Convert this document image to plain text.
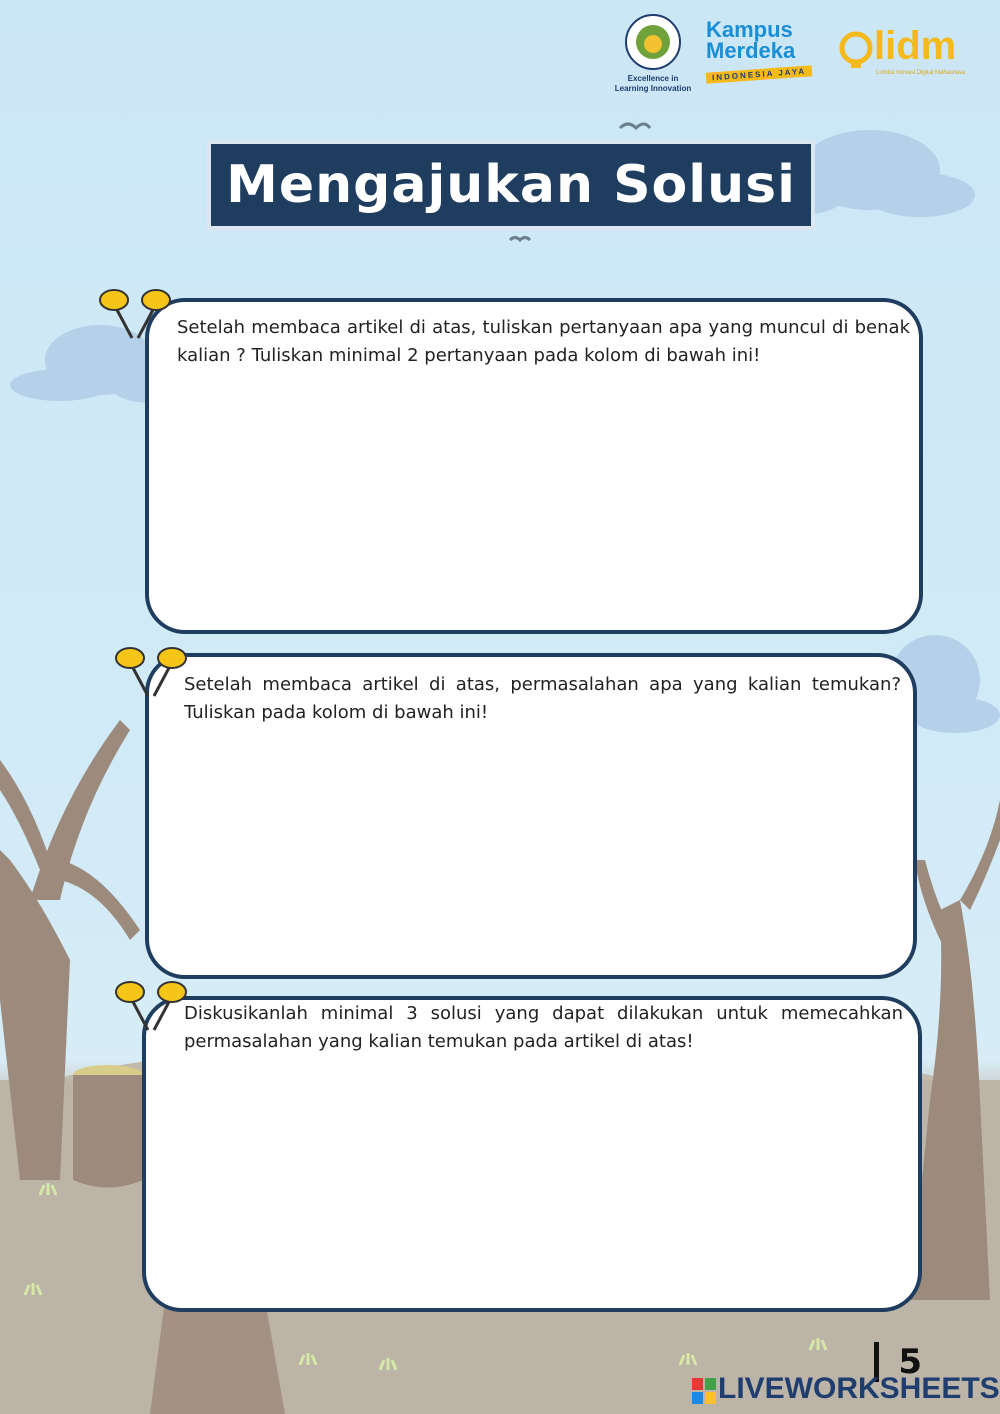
Excellence in
Learning Innovation
Kampus
Merdeka
INDONESIA JAYA
lidm
Lomba Inovasi Digital Mahasiswa
Mengajukan Solusi
Setelah membaca artikel di atas, tuliskan pertanyaan apa yang muncul di benak kalian ? Tuliskan minimal 2 pertanyaan pada kolom di bawah ini!
Setelah membaca artikel di atas, permasalahan apa yang kalian temukan? Tuliskan pada kolom di bawah ini!
Diskusikanlah minimal 3 solusi yang dapat dilakukan untuk memecahkan permasalahan yang kalian temukan pada artikel di atas!
5
LIVEWORKSHEETS
